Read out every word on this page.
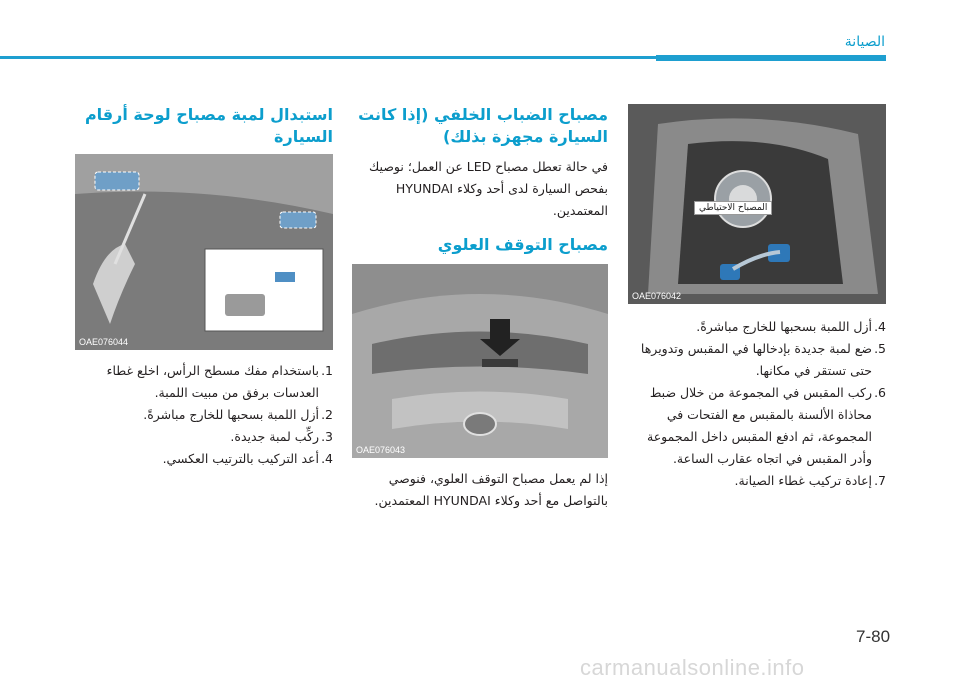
الصيانة
المصباح الاحتياطي
OAE076042
4.
أزل اللمبة بسحبها للخارج مباشرةً.
5.
ضع لمبة جديدة بإدخالها في المقبس وتدويرها حتى تستقر في مكانها.
6.
ركب المقبس في المجموعة من خلال ضبط محاذاة الألسنة بالمقبس مع الفتحات في المجموعة، ثم ادفع المقبس داخل المجموعة وأدر المقبس في اتجاه عقارب الساعة.
7.
إعادة تركيب غطاء الصيانة.
مصباح الضباب الخلفي (إذا كانت السيارة مجهزة بذلك)

في حالة تعطل مصباح LED عن العمل؛ نوصيك بفحص السيارة لدى أحد وكلاء HYUNDAI المعتمدين.

مصباح التوقف العلوي
OAE076043

إذا لم يعمل مصباح التوقف العلوي، فنوصي بالتواصل مع أحد وكلاء HYUNDAI المعتمدين.

استبدال لمبة مصباح لوحة أرقام السيارة
OAE076044
1.
باستخدام مفك مسطح الرأس، اخلع غطاء العدسات برفق من مبيت اللمبة.
2.
أزل اللمبة بسحبها للخارج مباشرةً.
3.
ركِّب لمبة جديدة.
4.
أعد التركيب بالترتيب العكسي.
7-80
carmanualsonline.info
